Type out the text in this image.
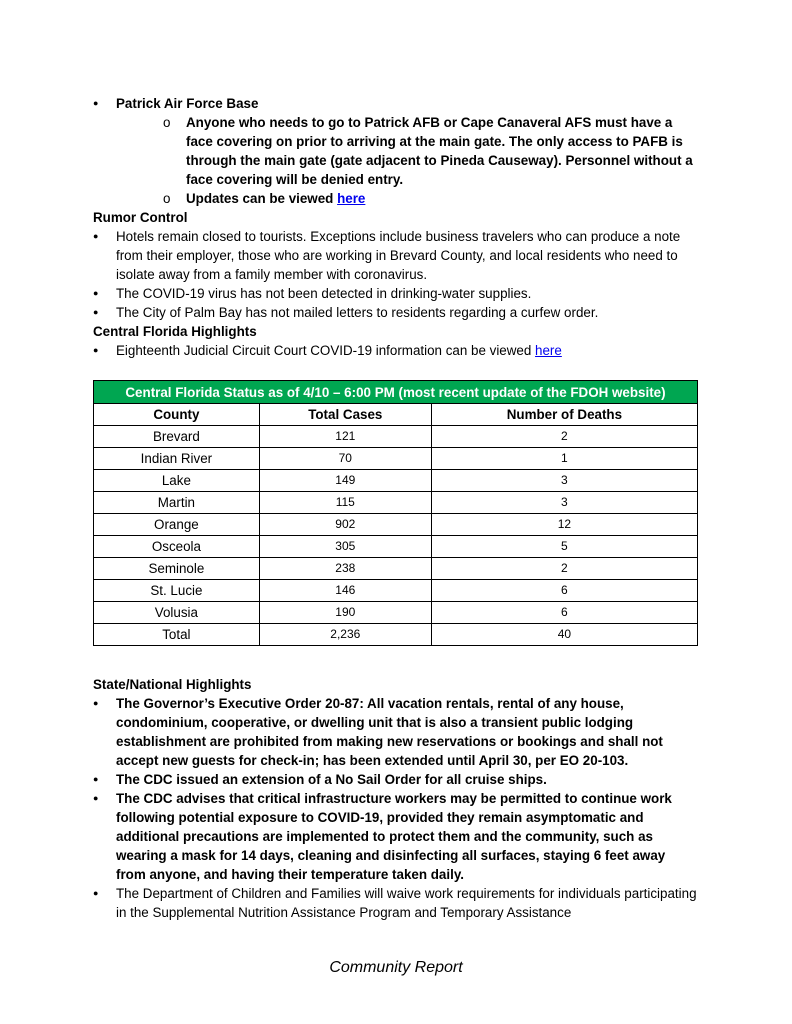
● Patrick Air Force Base
o Anyone who needs to go to Patrick AFB or Cape Canaveral AFS must have a face covering on prior to arriving at the main gate. The only access to PAFB is through the main gate (gate adjacent to Pineda Causeway). Personnel without a face covering will be denied entry.
o Updates can be viewed here
Rumor Control
● Hotels remain closed to tourists. Exceptions include business travelers who can produce a note from their employer, those who are working in Brevard County, and local residents who need to isolate away from a family member with coronavirus.
● The COVID-19 virus has not been detected in drinking-water supplies.
● The City of Palm Bay has not mailed letters to residents regarding a curfew order.
Central Florida Highlights
● Eighteenth Judicial Circuit Court COVID-19 information can be viewed here
Central Florida Status as of 4/10 – 6:00 PM (most recent update of the FDOH website)		
County	Total Cases	Number of Deaths
Brevard	121	2
Indian River	70	1
Lake	149	3
Martin	115	3
Orange	902	12
Osceola	305	5
Seminole	238	2
St. Lucie	146	6
Volusia	190	6
Total	2,236	40
State/National Highlights
● The Governor’s Executive Order 20-87: All vacation rentals, rental of any house, condominium, cooperative, or dwelling unit that is also a transient public lodging establishment are prohibited from making new reservations or bookings and shall not accept new guests for check-in; has been extended until April 30, per EO 20-103.
● The CDC issued an extension of a No Sail Order for all cruise ships.
● The CDC advises that critical infrastructure workers may be permitted to continue work following potential exposure to COVID-19, provided they remain asymptomatic and additional precautions are implemented to protect them and the community, such as wearing a mask for 14 days, cleaning and disinfecting all surfaces, staying 6 feet away from anyone, and having their temperature taken daily.
● The Department of Children and Families will waive work requirements for individuals participating in the Supplemental Nutrition Assistance Program and Temporary Assistance
Community Report
